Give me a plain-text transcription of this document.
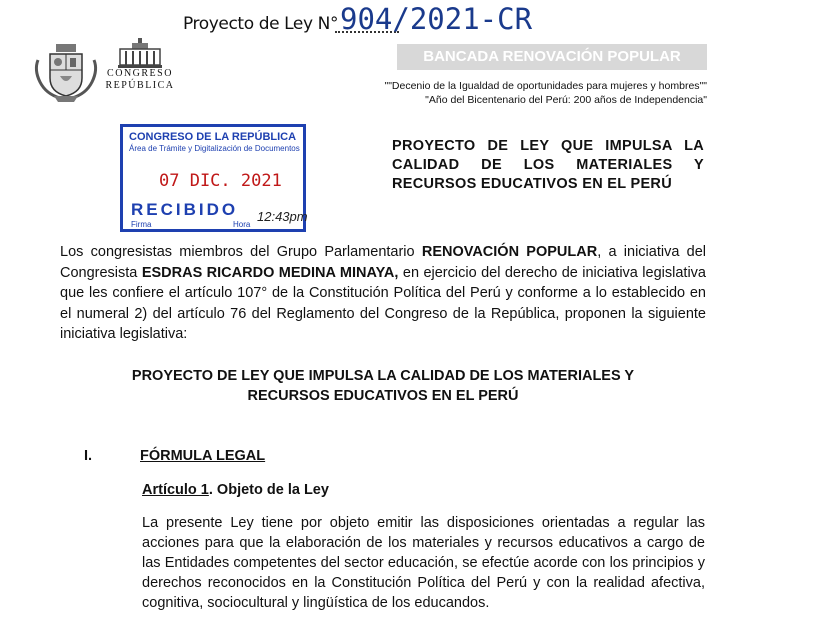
CONGRESO
REPÚBLICA
Proyecto de Ley N° 904/2021-CR
BANCADA RENOVACIÓN POPULAR
""Decenio de la Igualdad de oportunidades para mujeres y hombres""
"Año del Bicentenario del Perú: 200 años de Independencia"
CONGRESO DE LA REPÚBLICA
Área de Trámite y Digitalización de Documentos
07 DIC. 2021
RECIBIDO
Firma	Hora
12:43pm
PROYECTO DE LEY QUE IMPULSA LA CALIDAD DE LOS MATERIALES Y RECURSOS EDUCATIVOS EN EL PERÚ
Los congresistas miembros del Grupo Parlamentario RENOVACIÓN POPULAR, a iniciativa del Congresista ESDRAS RICARDO MEDINA MINAYA, en ejercicio del derecho de iniciativa legislativa que les confiere el artículo 107° de la Constitución Política del Perú y conforme a lo establecido en el numeral 2) del artículo 76 del Reglamento del Congreso de la República, proponen la siguiente iniciativa legislativa:
PROYECTO DE LEY QUE IMPULSA LA CALIDAD DE LOS MATERIALES Y
RECURSOS EDUCATIVOS EN EL PERÚ
I.	FÓRMULA LEGAL
Artículo 1. Objeto de la Ley
La presente Ley tiene por objeto emitir las disposiciones orientadas a regular las acciones para que la elaboración de los materiales y recursos educativos a cargo de las Entidades competentes del sector educación, se efectúe acorde con los principios y derechos reconocidos en la Constitución Política del Perú y con la realidad afectiva, cognitiva, sociocultural y lingüística de los educandos.
